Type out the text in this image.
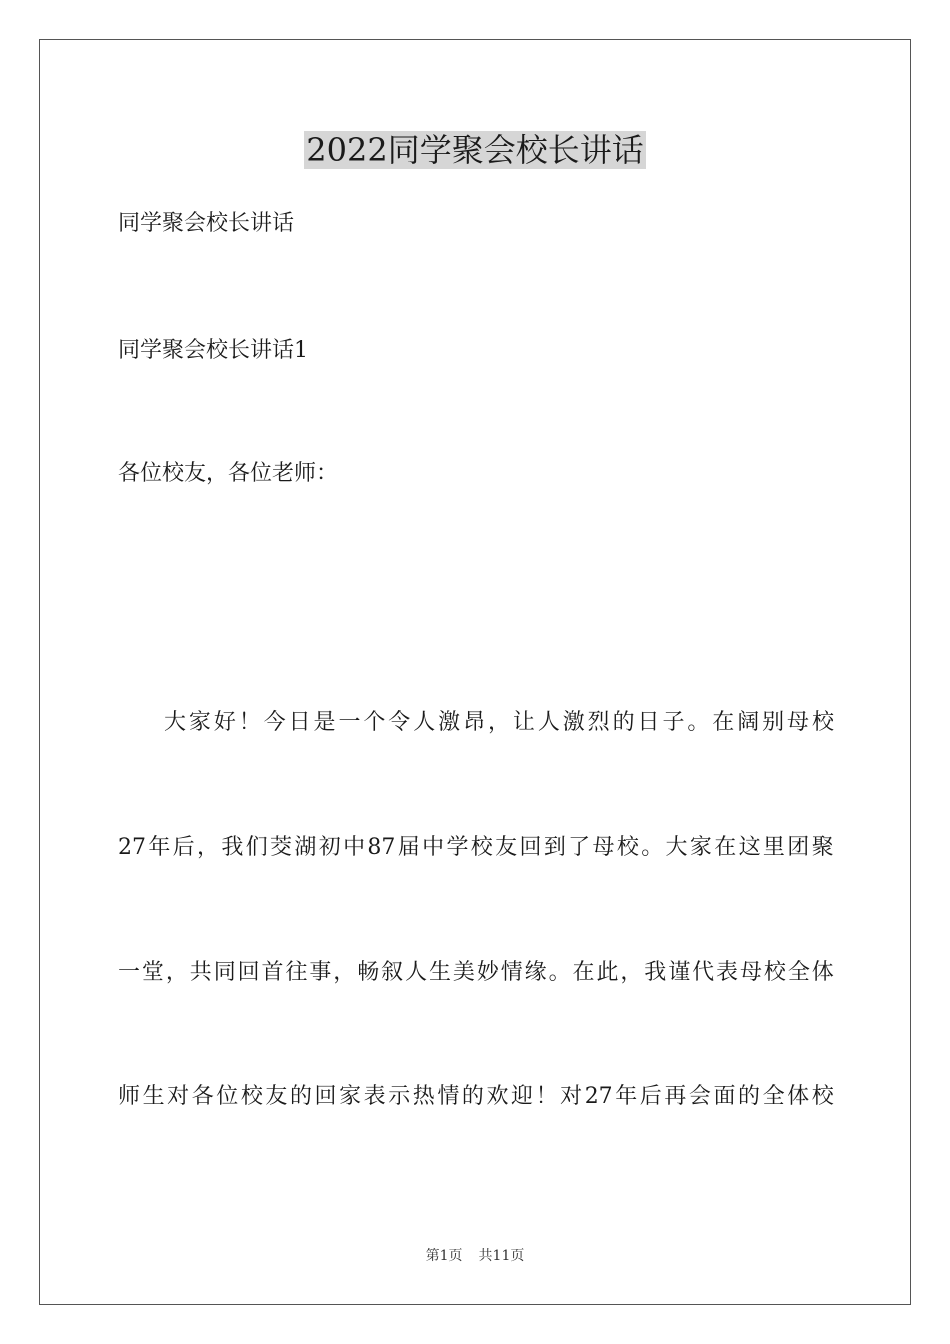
2022同学聚会校长讲话
同学聚会校长讲话
同学聚会校长讲话1
各位校友，各位老师：
大 家 好 ！ 今 日 是 一 个 令 人 激 昂 ， 让 人 激 烈 的 日 子 。 在 阔 别 母 校
27 年 后 ， 我 们 茭 湖 初 中 87 届 中 学 校 友 回 到 了 母 校 。 大 家 在 这 里 团 聚
一 堂 ， 共 同 回 首 往 事 ， 畅 叙 人 生 美 妙 情 缘 。 在 此 ， 我 谨 代 表 母 校 全 体
师 生 对 各 位 校 友 的 回 家 表 示 热 情 的 欢 迎 ！ 对 27 年 后 再 会 面 的 全 体 校
第1页 共11页
